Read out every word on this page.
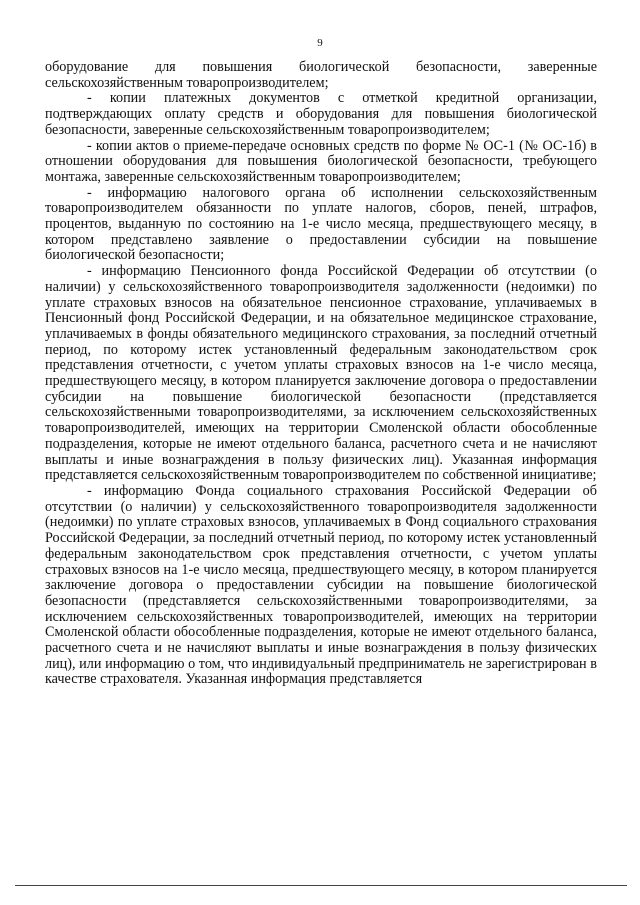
9

оборудование для повышения биологической безопасности, заверенные сельскохозяйственным товаропроизводителем;

- копии платежных документов с отметкой кредитной организации, подтверждающих оплату средств и оборудования для повышения биологической безопасности, заверенные сельскохозяйственным товаропроизводителем;

- копии актов о приеме-передаче основных средств по форме № ОС-1 (№ ОС-1б) в отношении оборудования для повышения биологической безопасности, требующего монтажа, заверенные сельскохозяйственным товаропроизводителем;

- информацию налогового органа об исполнении сельскохозяйственным товаропроизводителем обязанности по уплате налогов, сборов, пеней, штрафов, процентов, выданную по состоянию на 1-е число месяца, предшествующего месяцу, в котором представлено заявление о предоставлении субсидии на повышение биологической безопасности;

- информацию Пенсионного фонда Российской Федерации об отсутствии (о наличии) у сельскохозяйственного товаропроизводителя задолженности (недоимки) по уплате страховых взносов на обязательное пенсионное страхование, уплачиваемых в Пенсионный фонд Российской Федерации, и на обязательное медицинское страхование, уплачиваемых в фонды обязательного медицинского страхования, за последний отчетный период, по которому истек установленный федеральным законодательством срок представления отчетности, с учетом уплаты страховых взносов на 1-е число месяца, предшествующего месяцу, в котором планируется заключение договора о предоставлении субсидии на повышение биологической безопасности (представляется сельскохозяйственными товаропроизводителями, за исключением сельскохозяйственных товаропроизводителей, имеющих на территории Смоленской области обособленные подразделения, которые не имеют отдельного баланса, расчетного счета и не начисляют выплаты и иные вознаграждения в пользу физических лиц). Указанная информация представляется сельскохозяйственным товаропроизводителем по собственной инициативе;

- информацию Фонда социального страхования Российской Федерации об отсутствии (о наличии) у сельскохозяйственного товаропроизводителя задолженности (недоимки) по уплате страховых взносов, уплачиваемых в Фонд социального страхования Российской Федерации, за последний отчетный период, по которому истек установленный федеральным законодательством срок представления отчетности, с учетом уплаты страховых взносов на 1-е число месяца, предшествующего месяцу, в котором планируется заключение договора о предоставлении субсидии на повышение биологической безопасности (представляется сельскохозяйственными товаропроизводителями, за исключением сельскохозяйственных товаропроизводителей, имеющих на территории Смоленской области обособленные подразделения, которые не имеют отдельного баланса, расчетного счета и не начисляют выплаты и иные вознаграждения в пользу физических лиц), или информацию о том, что индивидуальный предприниматель не зарегистрирован в качестве страхователя. Указанная информация представляется
